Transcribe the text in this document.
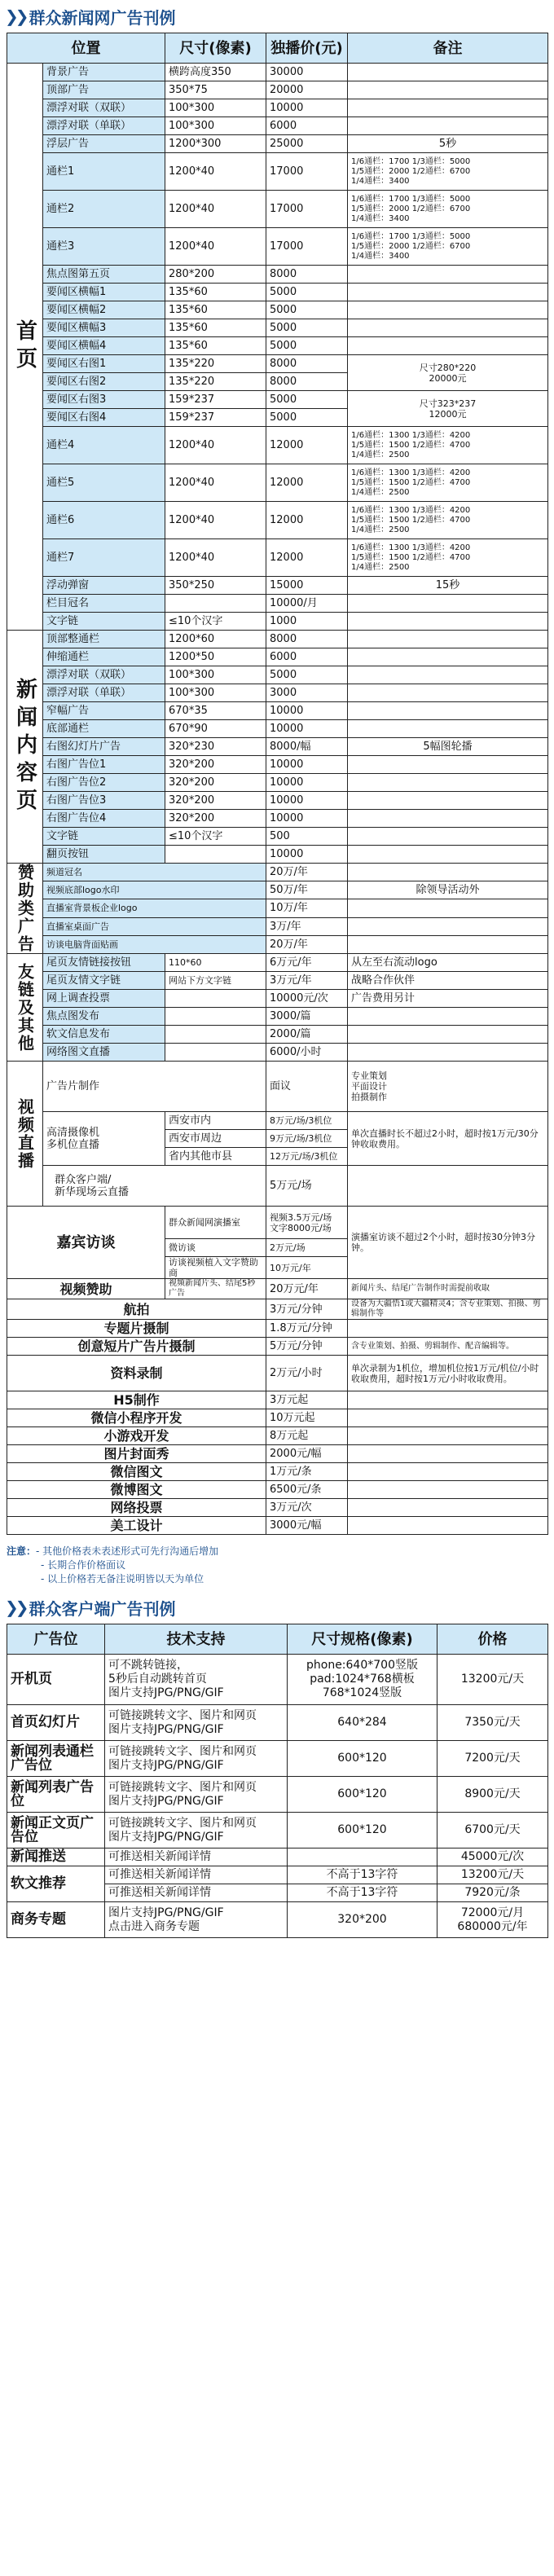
❯❯ 群众新闻网广告刊例
位置		尺寸(像素)	独播价(元)	备注
首页	背景广告	横跨高度350	30000	
	顶部广告	350*75	20000	
	漂浮对联（双联）	100*300	10000	
	漂浮对联（单联）	100*300	6000	
	浮层广告	1200*300	25000	5秒
	通栏1	1200*40	17000	1/6通栏：1700 1/3通栏：5000
1/5通栏：2000 1/2通栏：6700
1/4通栏：3400
	通栏2	1200*40	17000	1/6通栏：1700 1/3通栏：5000
1/5通栏：2000 1/2通栏：6700
1/4通栏：3400
	通栏3	1200*40	17000	1/6通栏：1700 1/3通栏：5000
1/5通栏：2000 1/2通栏：6700
1/4通栏：3400
	焦点图第五页	280*200	8000	
	要闻区横幅1	135*60	5000	
	要闻区横幅2	135*60	5000	
	要闻区横幅3	135*60	5000	
	要闻区横幅4	135*60	5000	
	要闻区右图1	135*220	8000	尺寸280*220
20000元
	要闻区右图2	135*220	8000	
	要闻区右图3	159*237	5000	尺寸323*237
12000元
	要闻区右图4	159*237	5000	
	通栏4	1200*40	12000	1/6通栏：1300 1/3通栏：4200
1/5通栏：1500 1/2通栏：4700
1/4通栏：2500
	通栏5	1200*40	12000	1/6通栏：1300 1/3通栏：4200
1/5通栏：1500 1/2通栏：4700
1/4通栏：2500
	通栏6	1200*40	12000	1/6通栏：1300 1/3通栏：4200
1/5通栏：1500 1/2通栏：4700
1/4通栏：2500
	通栏7	1200*40	12000	1/6通栏：1300 1/3通栏：4200
1/5通栏：1500 1/2通栏：4700
1/4通栏：2500
	浮动弹窗	350*250	15000	15秒
	栏目冠名		10000/月	
	文字链	≤10个汉字	1000	
新闻内容页	顶部整通栏	1200*60	8000	
	伸缩通栏	1200*50	6000	
	漂浮对联（双联）	100*300	5000	
	漂浮对联（单联）	100*300	3000	
	窄幅广告	670*35	10000	
	底部通栏	670*90	10000	
	右图幻灯片广告	320*230	8000/幅	5幅图轮播
	右图广告位1	320*200	10000	
	右图广告位2	320*200	10000	
	右图广告位3	320*200	10000	
	右图广告位4	320*200	10000	
	文字链	≤10个汉字	500	
	翻页按钮		10000	
赞助类广告	频道冠名		20万/年	
	视频底部logo水印		50万/年	除领导活动外
	直播室背景板企业logo		10万/年	
	直播室桌面广告		3万/年	
	访谈电脑背面贴画		20万/年	
友链及其他	尾页友情链接按钮	110*60	6万元/年	从左至右流动logo
	尾页友情文字链	网站下方文字链	3万元/年	战略合作伙伴
	网上调查投票		10000元/次	广告费用另计
	焦点图发布		3000/篇	
	软文信息发布		2000/篇	
	网络图文直播		6000/小时	
视频直播	广告片制作		面议	专业策划
平面设计
拍摄制作
	高清摄像机
多机位直播	西安市内	8万元/场/3机位	单次直播时长不超过2小时，超时按1万元/30分钟收取费用。
		西安市周边	9万元/场/3机位	
		省内其他市县	12万元/场/3机位	
	群众客户端/
新华现场云直播		5万元/场	
嘉宾访谈		群众新闻网演播室	视频3.5万元/场
文字8000元/场	演播室访谈不超过2个小时，超时按30分钟3分钟。
		微访谈	2万元/场	
		访谈视频植入文字赞助商	10万元/年	
视频赞助		视频新闻片头、结尾5秒广告	20万元/年	新闻片头、结尾广告制作时需提前收取
航拍			3万元/分钟	设备为大疆悟1或大疆精灵4；含专业策划、拍摄、剪辑制作等
专题片摄制			1.8万元/分钟	
创意短片广告片摄制			5万元/分钟	含专业策划、拍摄、剪辑制作、配音编辑等。
资料录制			2万元/小时	单次录制为1机位，增加机位按1万元/机位/小时收取费用，超时按1万元/小时收取费用。
H5制作			3万元起	
微信小程序开发			10万元起	
小游戏开发			8万元起	
图片封面秀			2000元/幅	
微信图文			1万元/条	
微博图文			6500元/条	
网络投票			3万元/次	
美工设计			3000元/幅	
注意：- 其他价格表未表述形式可先行沟通后增加
- 长期合作价格面议
- 以上价格若无备注说明皆以天为单位
❯❯ 群众客户端广告刊例
广告位	技术支持	尺寸规格(像素)	价格
开机页	可不跳转链接，
5秒后自动跳转首页
图片支持JPG/PNG/GIF	phone:640*700竖版
pad:1024*768横板
768*1024竖版	13200元/天
首页幻灯片	可链接跳转文字、图片和网页
图片支持JPG/PNG/GIF	640*284	7350元/天
新闻列表通栏广告位	可链接跳转文字、图片和网页
图片支持JPG/PNG/GIF	600*120	7200元/天
新闻列表广告位	可链接跳转文字、图片和网页
图片支持JPG/PNG/GIF	600*120	8900元/天
新闻正文页广告位	可链接跳转文字、图片和网页
图片支持JPG/PNG/GIF	600*120	6700元/天
新闻推送	可推送相关新闻详情		45000元/次
软文推荐	可推送相关新闻详情	不高于13字符	13200元/天
	可推送相关新闻详情	不高于13字符	7920元/条
商务专题	图片支持JPG/PNG/GIF
点击进入商务专题	320*200	72000元/月
680000元/年
